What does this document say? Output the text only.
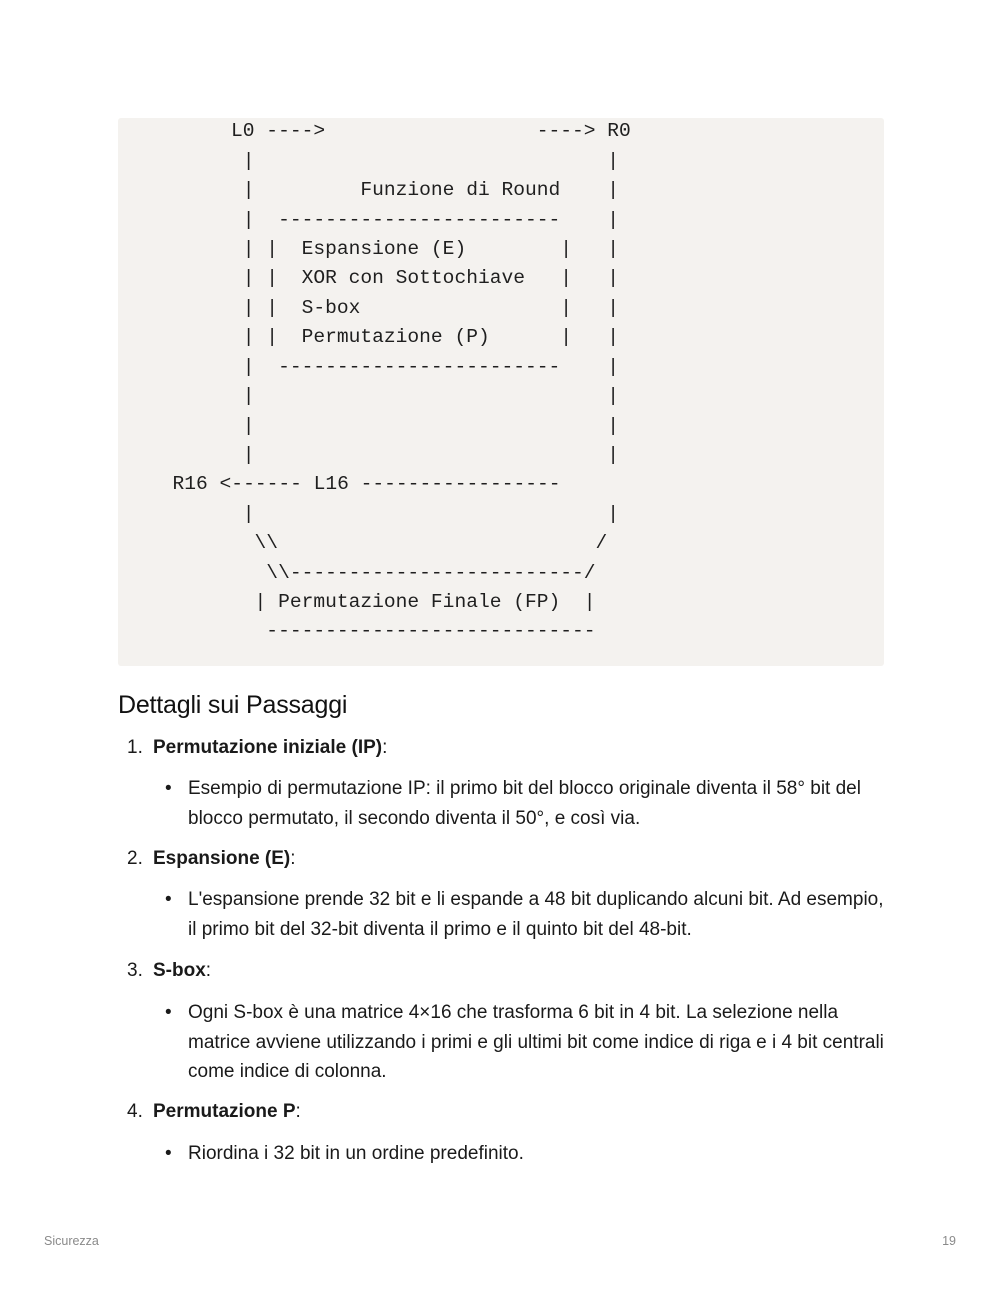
L0 ---->                  ----> R0
|                              |
|         Funzione di Round    |
|  ------------------------    |
| |  Espansione (E)        |   |
| |  XOR con Sottochiave   |   |
| |  S-box                 |   |
| |  Permutazione (P)      |   |
|  ------------------------    |
|                              |
|                              |
|                              |
R16 <------ L16 -----------------
|                              |
\\                           /
\\-------------------------/
| Permutazione Finale (FP)  |
----------------------------
Dettagli sui Passaggi
1. Permutazione iniziale (IP):
• Esempio di permutazione IP: il primo bit del blocco originale diventa il 58° bit del blocco permutato, il secondo diventa il 50°, e così via.
2. Espansione (E):
• L'espansione prende 32 bit e li espande a 48 bit duplicando alcuni bit. Ad esempio, il primo bit del 32-bit diventa il primo e il quinto bit del 48-bit.
3. S-box:
• Ogni S-box è una matrice 4×16 che trasforma 6 bit in 4 bit. La selezione nella matrice avviene utilizzando i primi e gli ultimi bit come indice di riga e i 4 bit centrali come indice di colonna.
4. Permutazione P:
• Riordina i 32 bit in un ordine predefinito.
Sicurezza	19
